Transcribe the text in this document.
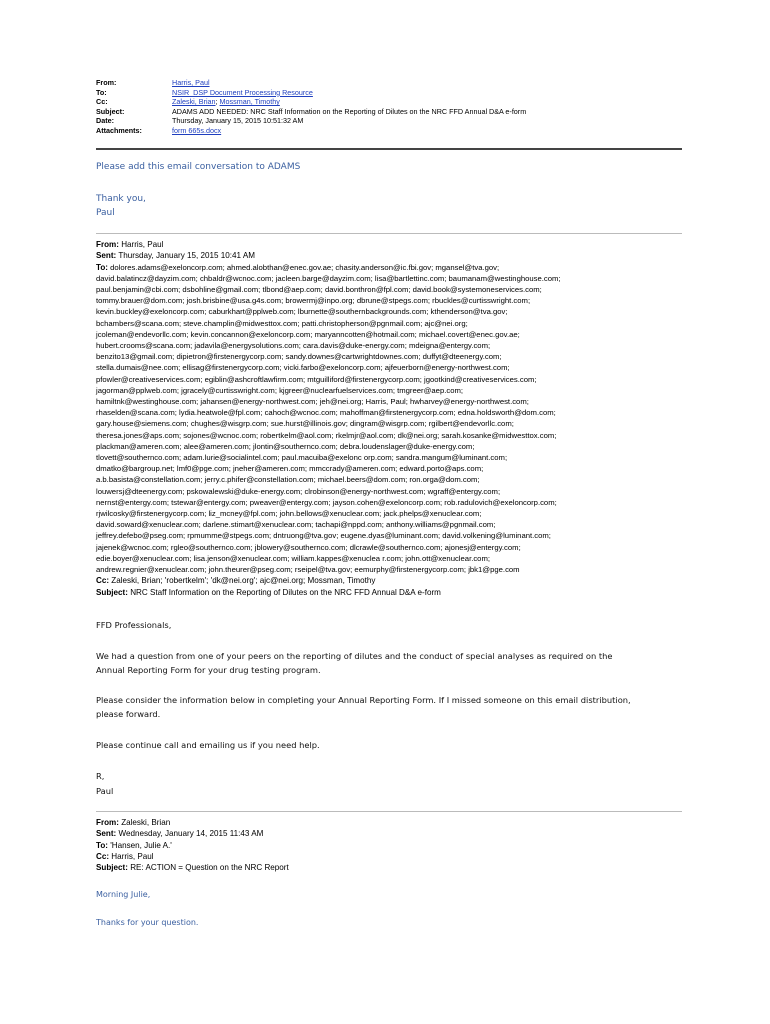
From:	Harris, Paul
To:	NSIR_DSP Document Processing Resource
Cc:	Zaleski, Brian; Mossman, Timothy
Subject:	ADAMS ADD NEEDED: NRC Staff Information on the Reporting of Dilutes on the NRC FFD Annual D&A e-form
Date:	Thursday, January 15, 2015 10:51:32 AM
Attachments:	form 665s.docx
Please add this email conversation to ADAMS
Thank you,
Paul
From: Harris, Paul
Sent: Thursday, January 15, 2015 10:41 AM
To: dolores.adams@exeloncorp.com; ahmed.alobthan@enec.gov.ae; chasity.anderson@ic.fbi.gov; mgansel@tva.gov;
david.balatincz@dayzim.com; chbaldr@wcnoc.com; jacleen.barge@dayzim.com; lisa@bartlettinc.com; baumanam@westinghouse.com;
paul.benjamin@cbi.com; dsbohline@gmail.com; tlbond@aep.com; david.bonthron@fpl.com; david.book@systemoneservices.com;
tommy.brauer@dom.com; josh.brisbine@usa.g4s.com; browermj@inpo.org; dbrune@stpegs.com; rbuckles@curtisswright.com;
kevin.buckley@exeloncorp.com; caburkhart@pplweb.com; lburnette@southernbackgrounds.com; kthenderson@tva.gov;
bchambers@scana.com; steve.champlin@midwesttox.com; patti.christopherson@pgnmail.com; ajc@nei.org;
jcoleman@endevorllc.com; kevin.concannon@exeloncorp.com; maryanncotten@hotmail.com; michael.covert@enec.gov.ae;
hubert.crooms@scana.com; jadavila@energysolutions.com; cara.davis@duke-energy.com; mdeigna@entergy.com;
benzito13@gmail.com; dipietron@firstenergycorp.com; sandy.downes@cartwrightdownes.com; duffyt@dteenergy.com;
stella.dumais@nee.com; ellisag@firstenergycorp.com; vicki.farbo@exeloncorp.com; ajfeuerborn@energy-northwest.com;
pfowler@creativeservices.com; egiblin@ashcroftlawfirm.com; mtguilliford@firstenergycorp.com; jgootkind@creativeservices.com;
jagorman@pplweb.com; jgracely@curtisswright.com; kjgreer@nuclearfuelservices.com; tmgreer@aep.com;
hamiltnk@westinghouse.com; jahansen@energy-northwest.com; jeh@nei.org; Harris, Paul; hwharvey@energy-northwest.com;
rhaselden@scana.com; lydia.heatwole@fpl.com; cahoch@wcnoc.com; mahoffman@firstenergycorp.com; edna.holdsworth@dom.com;
gary.house@siemens.com; chughes@wisgrp.com; sue.hurst@illinois.gov; dingram@wisgrp.com; rgilbert@endevorllc.com;
theresa.jones@aps.com; sojones@wcnoc.com; robertkelm@aol.com; rkelmjr@aol.com; dk@nei.org; sarah.kosanke@midwesttox.com;
plackman@ameren.com; alee@ameren.com; jlontin@southernco.com; debra.loudenslager@duke-energy.com;
tlovett@southernco.com; adam.lurie@socialintel.com; paul.macuiba@exelonc orp.com; sandra.mangum@luminant.com;
dmatko@bargroup.net; lmf0@pge.com; jneher@ameren.com; mmccrady@ameren.com; edward.porto@aps.com;
a.b.basista@constellation.com; jerry.c.phifer@constellation.com; michael.beers@dom.com; ron.orga@dom.com;
louwersj@dteenergy.com; pskowalewski@duke-energy.com; clrobinson@energy-northwest.com; wgraff@entergy.com;
nernst@entergy.com; tstewar@entergy.com; pweaver@entergy.com; jayson.cohen@exeloncorp.com; rob.radulovich@exeloncorp.com;
rjwilcosky@firstenergycorp.com; liz_mcney@fpl.com; john.bellows@xenuclear.com; jack.phelps@xenuclear.com;
david.soward@xenuclear.com; darlene.stimart@xenuclear.com; tachapi@nppd.com; anthony.williams@pgnmail.com;
jeffrey.defebo@pseg.com; rpmumme@stpegs.com; dntruong@tva.gov; eugene.dyas@luminant.com; david.volkening@luminant.com;
jajenek@wcnoc.com; rgleo@southernco.com; jblowery@southernco.com; dlcrawle@southernco.com; ajonesj@entergy.com;
edie.boyer@xenuclear.com; lisa.jenson@xenuclear.com; william.kappes@xenuclea r.com; john.ott@xenuclear.com;
andrew.regnier@xenuclear.com; john.theurer@pseg.com; rseipel@tva.gov; eemurphy@firstenergycorp.com; jbk1@pge.com
Cc: Zaleski, Brian; 'robertkelm'; 'dk@nei.org'; ajc@nei.org; Mossman, Timothy
Subject: NRC Staff Information on the Reporting of Dilutes on the NRC FFD Annual D&A e-form
FFD Professionals,
We had a question from one of your peers on the reporting of dilutes and the conduct of special analyses as required on the
Annual Reporting Form for your drug testing program.
Please consider the information below in completing your Annual Reporting Form. If I missed someone on this email distribution,
please forward.
Please continue call and emailing us if you need help.
R,
Paul
From: Zaleski, Brian
Sent: Wednesday, January 14, 2015 11:43 AM
To: 'Hansen, Julie A.'
Cc: Harris, Paul
Subject: RE: ACTION = Question on the NRC Report
Morning Julie,
Thanks for your question.
